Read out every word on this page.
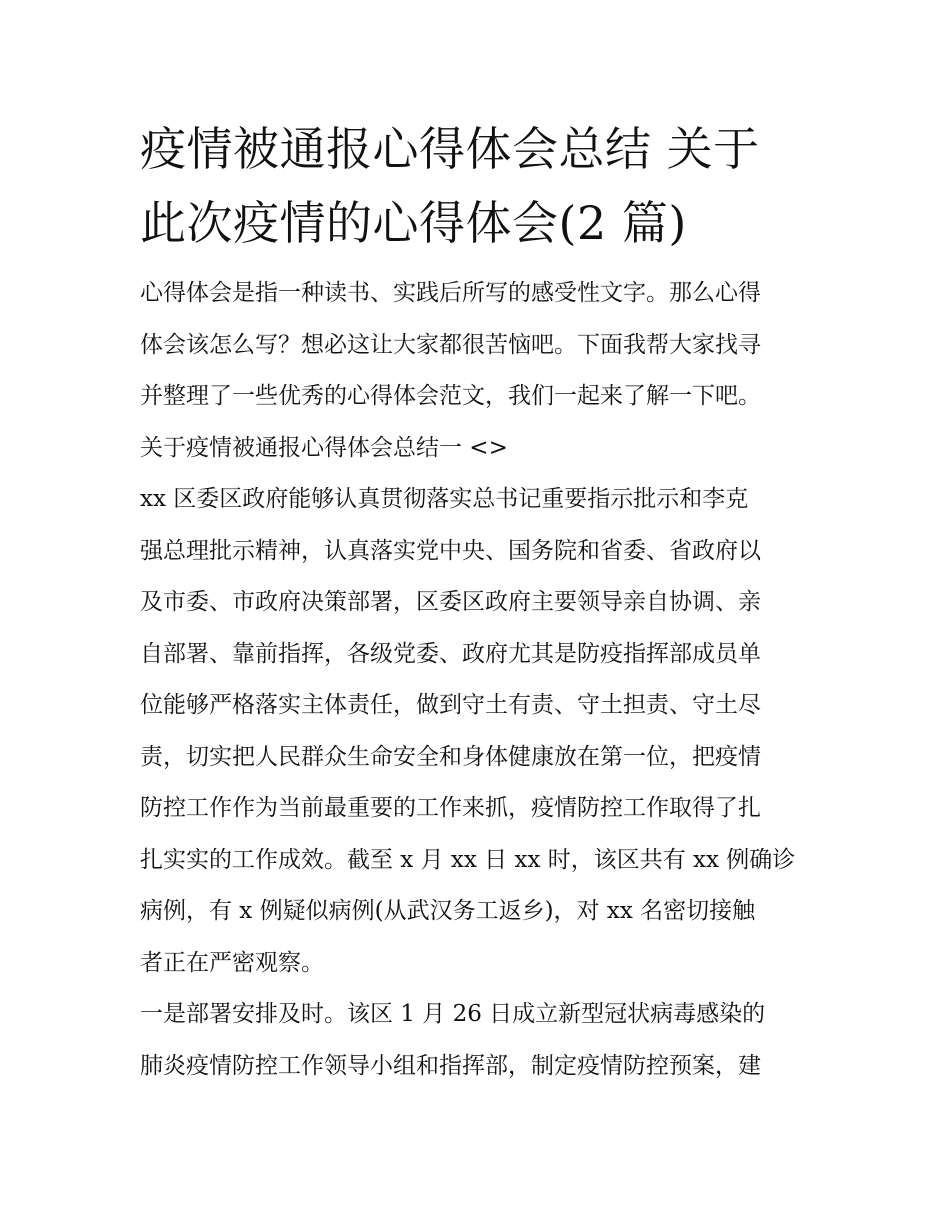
疫情被通报心得体会总结 关于
此次疫情的心得体会(2 篇)

心得体会是指一种读书、实践后所写的感受性文字。那么心得
体会该怎么写？想必这让大家都很苦恼吧。下面我帮大家找寻
并整理了一些优秀的心得体会范文，我们一起来了解一下吧。

关于疫情被通报心得体会总结一 <>

xx 区委区政府能够认真贯彻落实总书记重要指示批示和李克
强总理批示精神，认真落实党中央、国务院和省委、省政府以
及市委、市政府决策部署，区委区政府主要领导亲自协调、亲
自部署、靠前指挥，各级党委、政府尤其是防疫指挥部成员单
位能够严格落实主体责任，做到守土有责、守土担责、守土尽
责，切实把人民群众生命安全和身体健康放在第一位，把疫情
防控工作作为当前最重要的工作来抓，疫情防控工作取得了扎
扎实实的工作成效。截至 x 月 xx 日 xx 时，该区共有 xx 例确诊
病例，有 x 例疑似病例(从武汉务工返乡)，对 xx 名密切接触
者正在严密观察。

一是部署安排及时。该区 1 月 26 日成立新型冠状病毒感染的
肺炎疫情防控工作领导小组和指挥部，制定疫情防控预案，建
